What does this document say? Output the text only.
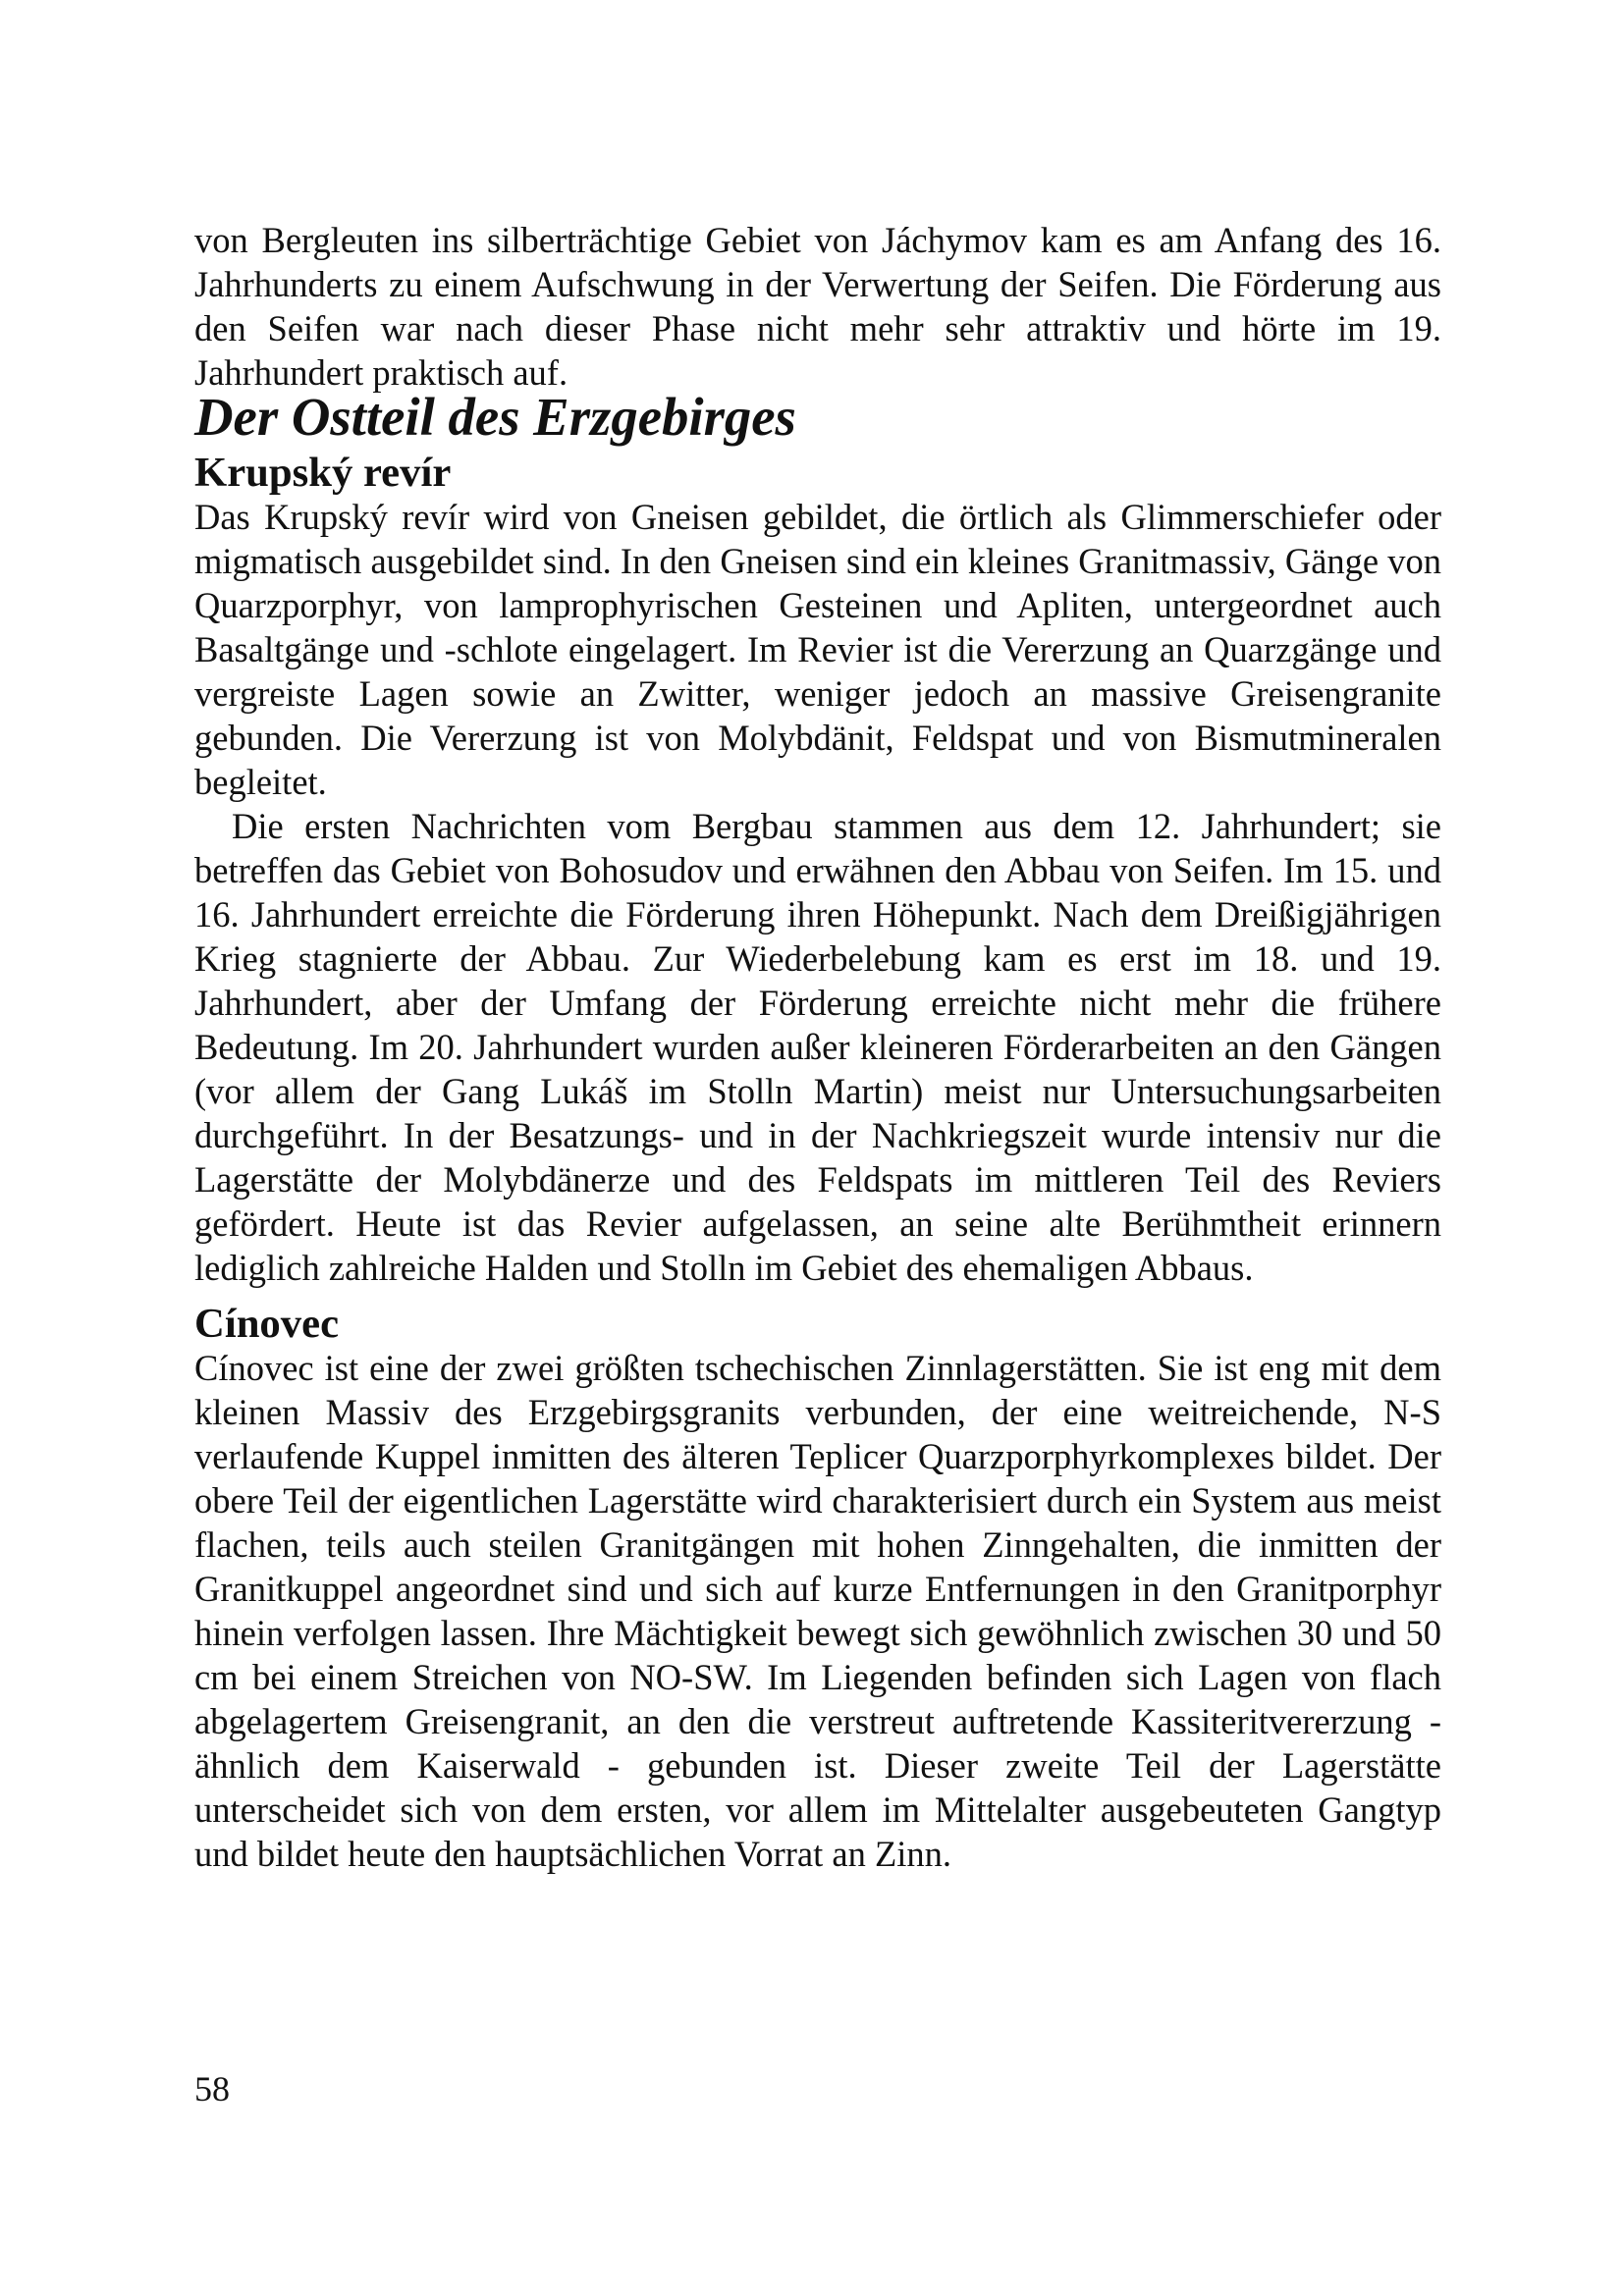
von Bergleuten ins silberträchtige Gebiet von Jáchymov kam es am Anfang des 16. Jahrhunderts zu einem Aufschwung in der Verwertung der Seifen. Die Förderung aus den Seifen war nach dieser Phase nicht mehr sehr attraktiv und hörte im 19. Jahrhundert praktisch auf.

Der Ostteil des Erzgebirges
Krupský revír

Das Krupský revír wird von Gneisen gebildet, die örtlich als Glimmerschiefer oder migmatisch ausgebildet sind. In den Gneisen sind ein kleines Granitmassiv, Gänge von Quarzporphyr, von lamprophyrischen Gesteinen und Apliten, untergeordnet auch Basaltgänge und -schlote eingelagert. Im Revier ist die Vererzung an Quarzgänge und vergreiste Lagen sowie an Zwitter, weniger jedoch an massive Greisengranite gebunden. Die Vererzung ist von Molybdänit, Feldspat und von Bismutmineralen begleitet.

Die ersten Nachrichten vom Bergbau stammen aus dem 12. Jahrhundert; sie betreffen das Gebiet von Bohosudov und erwähnen den Abbau von Seifen. Im 15. und 16. Jahrhundert erreichte die Förderung ihren Höhepunkt. Nach dem Dreißigjährigen Krieg stagnierte der Abbau. Zur Wiederbelebung kam es erst im 18. und 19. Jahrhundert, aber der Umfang der Förderung erreichte nicht mehr die frühere Bedeutung. Im 20. Jahrhundert wurden außer kleineren Förderarbeiten an den Gängen (vor allem der Gang Lukáš im Stolln Martin) meist nur Untersuchungsarbeiten durchgeführt. In der Besatzungs- und in der Nachkriegszeit wurde intensiv nur die Lagerstätte der Molybdänerze und des Feldspats im mittleren Teil des Reviers gefördert. Heute ist das Revier aufgelassen, an seine alte Berühmtheit erinnern lediglich zahlreiche Halden und Stolln im Gebiet des ehemaligen Abbaus.

Cínovec

Cínovec ist eine der zwei größten tschechischen Zinnlagerstätten. Sie ist eng mit dem kleinen Massiv des Erzgebirgsgranits verbunden, der eine weitreichende, N-S verlaufende Kuppel inmitten des älteren Teplicer Quarzporphyrkomplexes bildet. Der obere Teil der eigentlichen Lagerstätte wird charakterisiert durch ein System aus meist flachen, teils auch steilen Granitgängen mit hohen Zinngehalten, die inmitten der Granitkuppel angeordnet sind und sich auf kurze Entfernungen in den Granitporphyr hinein verfolgen lassen. Ihre Mächtigkeit bewegt sich gewöhnlich zwischen 30 und 50 cm bei einem Streichen von NO-SW. Im Liegenden befinden sich Lagen von flach abgelagertem Greisengranit, an den die verstreut auftretende Kassiteritvererzung - ähnlich dem Kaiserwald - gebunden ist. Dieser zweite Teil der Lagerstätte unterscheidet sich von dem ersten, vor allem im Mittelalter ausgebeuteten Gangtyp und bildet heute den hauptsächlichen Vorrat an Zinn.

58
